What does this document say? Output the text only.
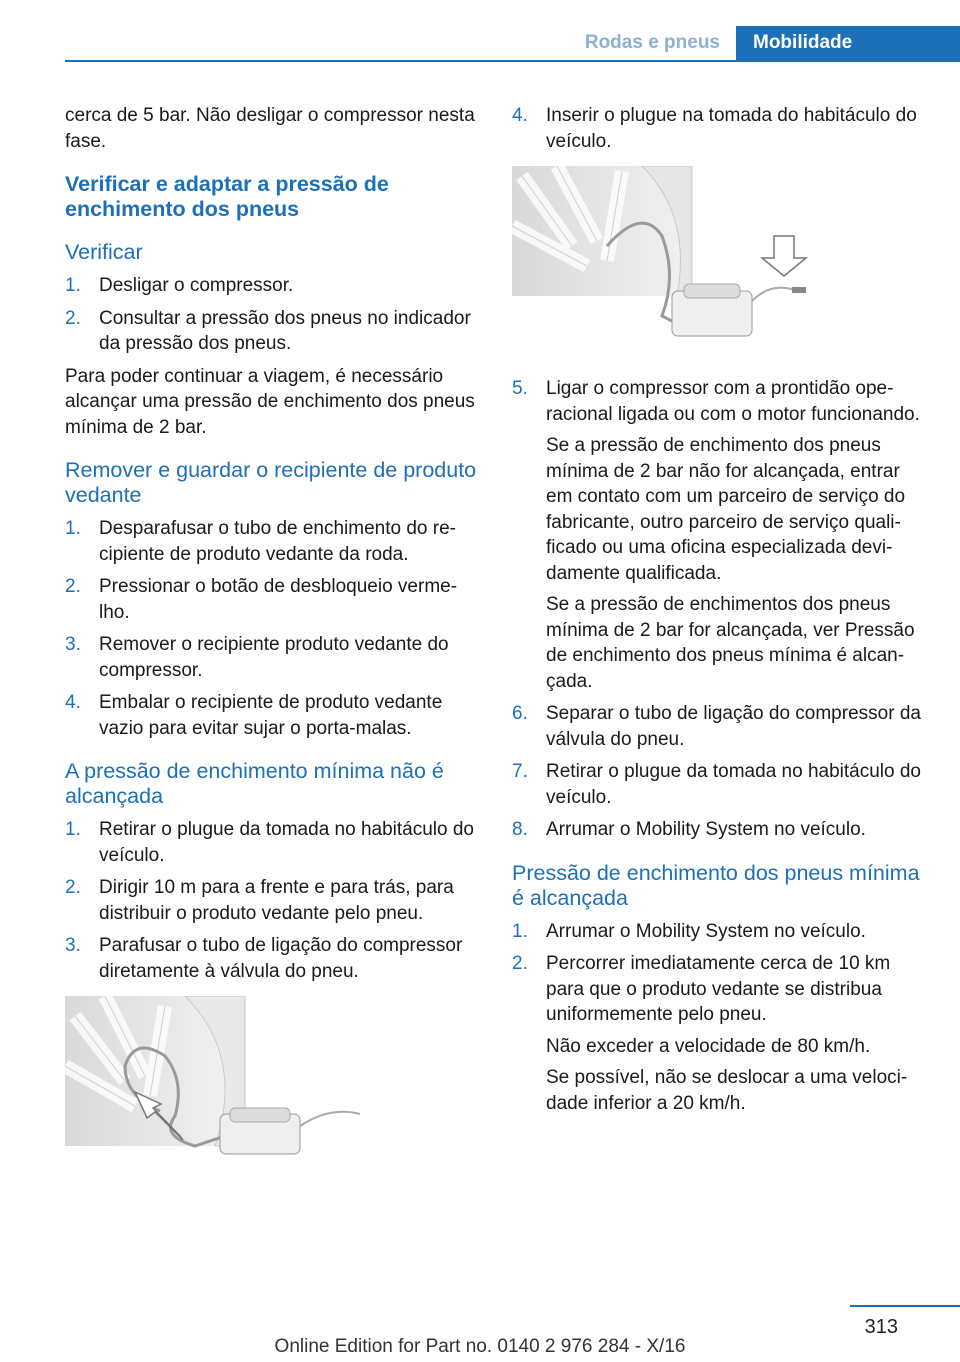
Rodas e pneus	Mobilidade

cerca de 5 bar. Não desligar o compressor nesta fase.

Verificar e adaptar a pressão de enchimento dos pneus
Verificar
1. Desligar o compressor.
2. Consultar a pressão dos pneus no indicador da pressão dos pneus.

Para poder continuar a viagem, é necessário alcançar uma pressão de enchimento dos pneus mínima de 2 bar.

Remover e guardar o recipiente de produto vedante
1. Desparafusar o tubo de enchimento do recipiente de produto vedante da roda.
2. Pressionar o botão de desbloqueio vermelho.
3. Remover o recipiente produto vedante do compressor.
4. Embalar o recipiente de produto vedante vazio para evitar sujar o porta-malas.
A pressão de enchimento mínima não é alcançada
1. Retirar o plugue da tomada no habitáculo do veículo.
2. Dirigir 10 m para a frente e para trás, para distribuir o produto vedante pelo pneu.
3. Parafusar o tubo de ligação do compressor diretamente à válvula do pneu.
4. Inserir o plugue na tomada do habitáculo do veículo.
5. Ligar o compressor com a prontidão operacional ligada ou com o motor funcionando.

Se a pressão de enchimento dos pneus mínima de 2 bar não for alcançada, entrar em contato com um parceiro de serviço do fabricante, outro parceiro de serviço qualificado ou uma oficina especializada devidamente qualificada.

Se a pressão de enchimentos dos pneus mínima de 2 bar for alcançada, ver Pressão de enchimento dos pneus mínima é alcançada.

6. Separar o tubo de ligação do compressor da válvula do pneu.

7. Retirar o plugue da tomada no habitáculo do veículo.

8. Arrumar o Mobility System no veículo.

Pressão de enchimento dos pneus mínima é alcançada
1. Arrumar o Mobility System no veículo.

2. Percorrer imediatamente cerca de 10 km para que o produto vedante se distribua uniformemente pelo pneu.

Não exceder a velocidade de 80 km/h.

Se possível, não se deslocar a uma velocidade inferior a 20 km/h.

313
Online Edition for Part no. 0140 2 976 284 - X/16
